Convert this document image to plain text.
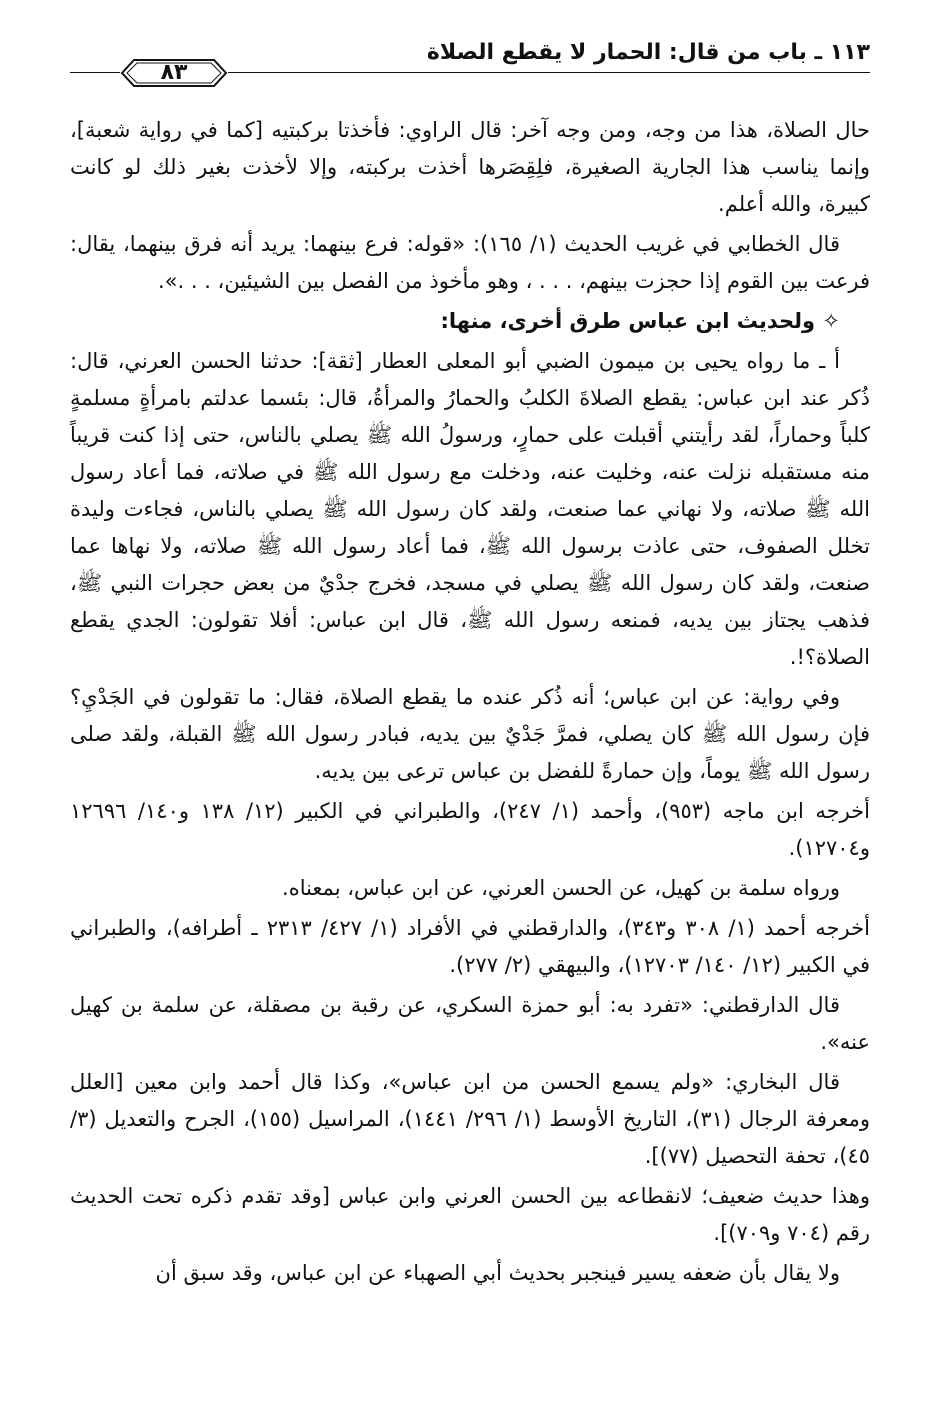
١١٣ ـ باب من قال: الحمار لا يقطع الصلاة
٨٣

حال الصلاة، هذا من وجه، ومن وجه آخر: قال الراوي: فأخذتا بركبتيه [كما في رواية شعبة]، وإنما يناسب هذا الجارية الصغيرة، فلِقِصَرها أخذت بركبته، وإلا لأخذت بغير ذلك لو كانت كبيرة، والله أعلم.

قال الخطابي في غريب الحديث (١/ ١٦٥): «قوله: فرع بينهما: يريد أنه فرق بينهما، يقال: فرعت بين القوم إذا حجزت بينهم، . . . ، وهو مأخوذ من الفصل بين الشيئين، . . .».

✧ ولحديث ابن عباس طرق أخرى، منها:

أ ـ ما رواه يحيى بن ميمون الضبي أبو المعلى العطار [ثقة]: حدثنا الحسن العرني، قال: ذُكر عند ابن عباس: يقطع الصلاةَ الكلبُ والحمارُ والمرأةُ، قال: بئسما عدلتم بامرأةٍ مسلمةٍ كلباً وحماراً، لقد رأيتني أقبلت على حمارٍ، ورسولُ الله ﷺ يصلي بالناس، حتى إذا كنت قريباً منه مستقبله نزلت عنه، وخليت عنه، ودخلت مع رسول الله ﷺ في صلاته، فما أعاد رسول الله ﷺ صلاته، ولا نهاني عما صنعت، ولقد كان رسول الله ﷺ يصلي بالناس، فجاءت وليدة تخلل الصفوف، حتى عاذت برسول الله ﷺ، فما أعاد رسول الله ﷺ صلاته، ولا نهاها عما صنعت، ولقد كان رسول الله ﷺ يصلي في مسجد، فخرج جدْيٌ من بعض حجرات النبي ﷺ، فذهب يجتاز بين يديه، فمنعه رسول الله ﷺ، قال ابن عباس: أفلا تقولون: الجدي يقطع الصلاة؟!.

وفي رواية: عن ابن عباس؛ أنه ذُكر عنده ما يقطع الصلاة، فقال: ما تقولون في الجَدْيِ؟ فإن رسول الله ﷺ كان يصلي، فمرَّ جَدْيٌ بين يديه، فبادر رسول الله ﷺ القبلة، ولقد صلى رسول الله ﷺ يوماً، وإن حمارةً للفضل بن عباس ترعى بين يديه.

أخرجه ابن ماجه (٩٥٣)، وأحمد (١/ ٢٤٧)، والطبراني في الكبير (١٢/ ١٣٨ و١٤٠/ ١٢٦٩٦ و١٢٧٠٤).

ورواه سلمة بن كهيل، عن الحسن العرني، عن ابن عباس، بمعناه.

أخرجه أحمد (١/ ٣٠٨ و٣٤٣)، والدارقطني في الأفراد (١/ ٤٢٧/ ٢٣١٣ ـ أطرافه)، والطبراني في الكبير (١٢/ ١٤٠/ ١٢٧٠٣)، والبيهقي (٢/ ٢٧٧).

قال الدارقطني: «تفرد به: أبو حمزة السكري، عن رقبة بن مصقلة، عن سلمة بن كهيل عنه».

قال البخاري: «ولم يسمع الحسن من ابن عباس»، وكذا قال أحمد وابن معين [العلل ومعرفة الرجال (٣١)، التاريخ الأوسط (١/ ٢٩٦/ ١٤٤١)، المراسيل (١٥٥)، الجرح والتعديل (٣/ ٤٥)، تحفة التحصيل (٧٧)].

وهذا حديث ضعيف؛ لانقطاعه بين الحسن العرني وابن عباس [وقد تقدم ذكره تحت الحديث رقم (٧٠٤ و٧٠٩)].

ولا يقال بأن ضعفه يسير فينجبر بحديث أبي الصهباء عن ابن عباس، وقد سبق أن
